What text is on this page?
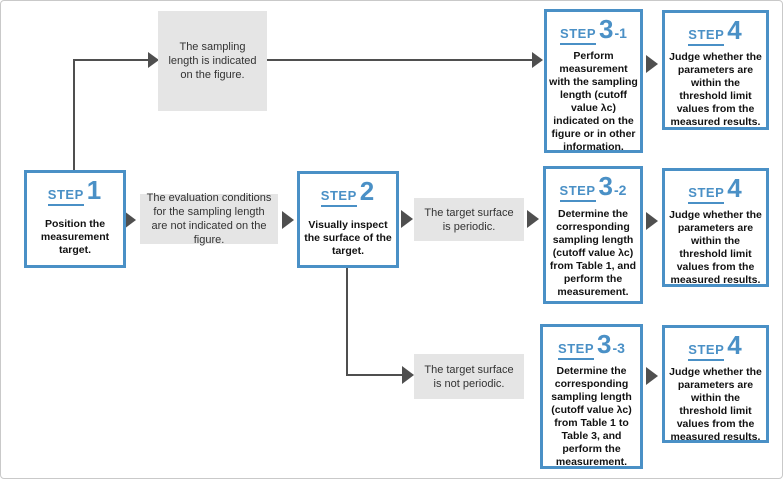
The sampling length is indicated on the figure.
The evaluation conditions for the sampling length are not indicated on the figure.
The target surface is periodic.
The target surface is not periodic.
STEP 1
Position the measurement target.
STEP 2
Visually inspect the surface of the target.
STEP 3 -1
Perform measurement with the sampling length (cutoff value λc) indicated on the figure or in other information.
STEP 3 -2
Determine the corresponding sampling length (cutoff value λc) from Table 1, and perform the measurement.
STEP 3 -3
Determine the corresponding sampling length (cutoff value λc) from Table 1 to Table 3, and perform the measurement.
STEP 4
Judge whether the parameters are within the threshold limit values from the measured results.
STEP 4
Judge whether the parameters are within the threshold limit values from the measured results.
STEP 4
Judge whether the parameters are within the threshold limit values from the measured results.
